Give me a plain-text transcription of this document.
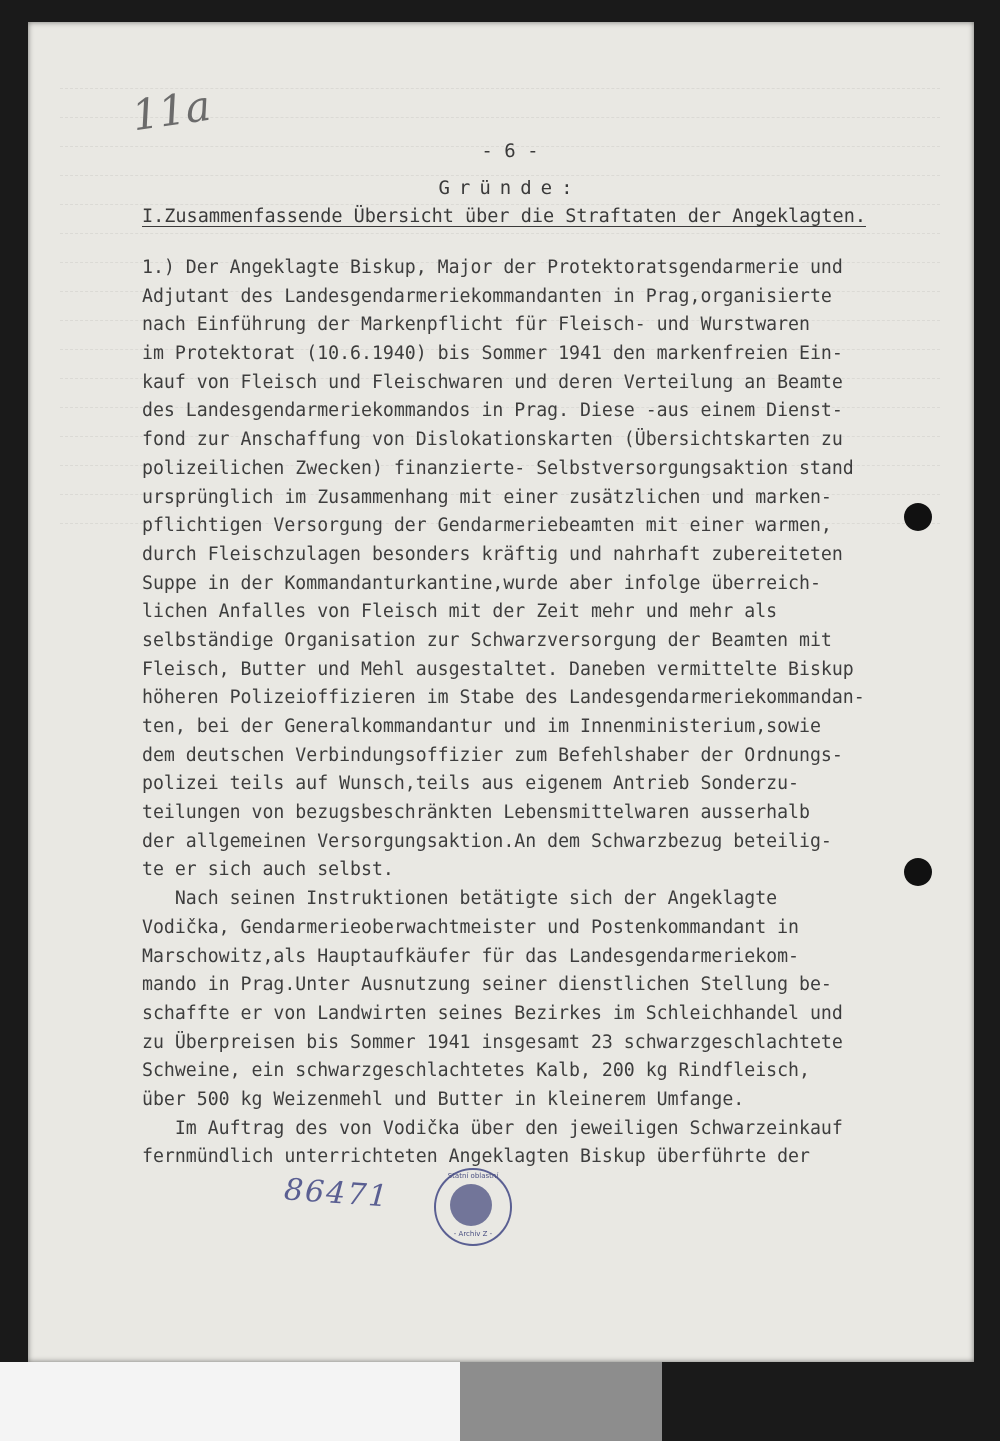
11a
- 6 -
Gründe:
I.Zusammenfassende Übersicht über die Straftaten der Angeklagten.
1.) Der Angeklagte Biskup, Major der Protektoratsgendarmerie und
Adjutant des Landesgendarmeriekommandanten in Prag,organisierte
nach Einführung der Markenpflicht für Fleisch- und Wurstwaren
im Protektorat (10.6.1940) bis Sommer 1941 den markenfreien Ein-
kauf von Fleisch und Fleischwaren und deren Verteilung an Beamte
des Landesgendarmeriekommandos in Prag. Diese -aus einem Dienst-
fond zur Anschaffung von Dislokationskarten (Übersichtskarten zu
polizeilichen Zwecken) finanzierte- Selbstversorgungsaktion stand
ursprünglich im Zusammenhang mit einer zusätzlichen und marken-
pflichtigen Versorgung der Gendarmeriebeamten mit einer warmen,
durch Fleischzulagen besonders kräftig und nahrhaft zubereiteten
Suppe in der Kommandanturkantine,wurde aber infolge überreich-
lichen Anfalles von Fleisch mit der Zeit mehr und mehr als
selbständige Organisation zur Schwarzversorgung der Beamten mit
Fleisch, Butter und Mehl ausgestaltet. Daneben vermittelte Biskup
höheren Polizeioffizieren im Stabe des Landesgendarmeriekommandan-
ten, bei der Generalkommandantur und im Innenministerium,sowie
dem deutschen Verbindungsoffizier zum Befehlshaber der Ordnungs-
polizei teils auf Wunsch,teils aus eigenem Antrieb Sonderzu-
teilungen von bezugsbeschränkten Lebensmittelwaren ausserhalb
der allgemeinen Versorgungsaktion.An dem Schwarzbezug beteilig-
te er sich auch selbst.
Nach seinen Instruktionen betätigte sich der Angeklagte
Vodička, Gendarmerieoberwachtmeister und Postenkommandant in
Marschowitz,als Hauptaufkäufer für das Landesgendarmeriekom-
mando in Prag.Unter Ausnutzung seiner dienstlichen Stellung be-
schaffte er von Landwirten seines Bezirkes im Schleichhandel und
zu Überpreisen bis Sommer 1941 insgesamt 23 schwarzgeschlachtete
Schweine, ein schwarzgeschlachtetes Kalb, 200 kg Rindfleisch,
über 500 kg Weizenmehl und Butter in kleinerem Umfange.
Im Auftrag des von Vodička über den jeweiligen Schwarzeinkauf
fernmündlich unterrichteten Angeklagten Biskup überführte der
86471	Státní oblastní
- Archiv Z -
